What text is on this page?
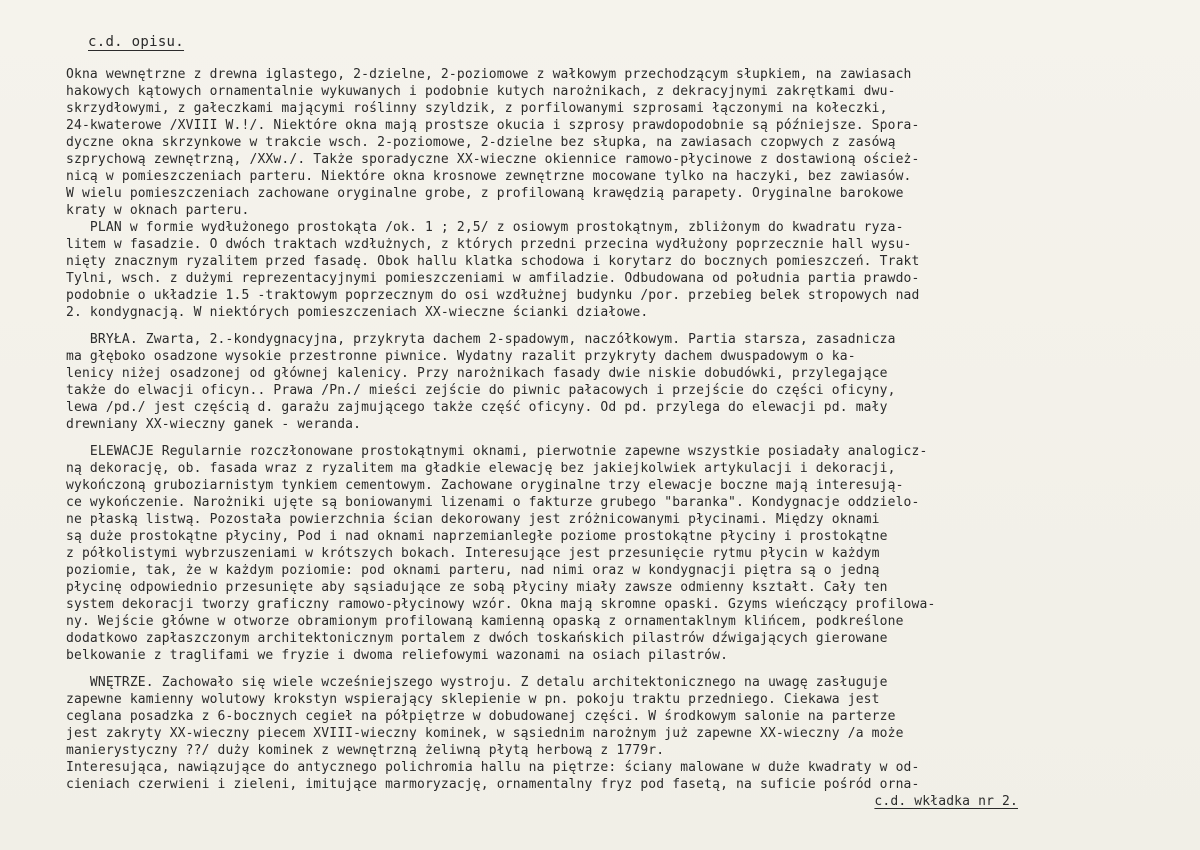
c.d. opisu.
Okna wewnętrzne z drewna iglastego, 2-dzielne, 2-poziomowe z wałkowym przechodzącym słupkiem, na zawiasach
hakowych kątowych ornamentalnie wykuwanych i podobnie kutych narożnikach, z dekracyjnymi zakrętkami dwu-
skrzydłowymi, z gałeczkami mającymi roślinny szyldzik, z porfilowanymi szprosami łączonymi na kołeczki,
24-kwaterowe /XVIII W.!/. Niektóre okna mają prostsze okucia i szprosy prawdopodobnie są późniejsze. Spora-
dyczne okna skrzynkowe w trakcie wsch. 2-poziomowe, 2-dzielne bez słupka, na zawiasach czopwych z zasówą
szprychową zewnętrzną, /XXw./. Także sporadyczne XX-wieczne okiennice ramowo-płycinowe z dostawioną oścież-
nicą w pomieszczeniach parteru. Niektóre okna krosnowe zewnętrzne mocowane tylko na haczyki, bez zawiasów.
W wielu pomieszczeniach zachowane oryginalne grobe, z profilowaną krawędzią parapety. Oryginalne barokowe
kraty w oknach parteru.
PLAN w formie wydłużonego prostokąta /ok. 1 ; 2,5/ z osiowym prostokątnym, zbliżonym do kwadratu ryza-
litem w fasadzie. O dwóch traktach wzdłużnych, z których przedni przecina wydłużony poprzecznie hall wysu-
nięty znacznym ryzalitem przed fasadę. Obok hallu klatka schodowa i korytarz do bocznych pomieszczeń. Trakt
Tylni, wsch. z dużymi reprezentacyjnymi pomieszczeniami w amfiladzie. Odbudowana od południa partia prawdo-
podobnie o układzie 1.5 -traktowym poprzecznym do osi wzdłużnej budynku /por. przebieg belek stropowych nad
2. kondygnacją. W niektórych pomieszczeniach XX-wieczne ścianki działowe.
BRYŁA. Zwarta, 2.-kondygnacyjna, przykryta dachem 2-spadowym, naczółkowym. Partia starsza, zasadnicza
ma głęboko osadzone wysokie przestronne piwnice. Wydatny razalit przykryty dachem dwuspadowym o ka-
lenicy niżej osadzonej od głównej kalenicy. Przy narożnikach fasady dwie niskie dobudówki, przylegające
także do elwacji oficyn.. Prawa /Pn./ mieści zejście do piwnic pałacowych i przejście do części oficyny,
lewa /pd./ jest częścią d. garażu zajmującego także część oficyny. Od pd. przylega do elewacji pd. mały
drewniany XX-wieczny ganek - weranda.
ELEWACJE Regularnie rozczłonowane prostokątnymi oknami, pierwotnie zapewne wszystkie posiadały analogicz-
ną dekorację, ob. fasada wraz z ryzalitem ma gładkie elewację bez jakiejkolwiek artykulacji i dekoracji,
wykończoną gruboziarnistym tynkiem cementowym. Zachowane oryginalne trzy elewacje boczne mają interesują-
ce wykończenie. Narożniki ujęte są boniowanymi lizenami o fakturze grubego "baranka". Kondygnacje oddzielo-
ne płaską listwą. Pozostała powierzchnia ścian dekorowany jest zróżnicowanymi płycinami. Między oknami
są duże prostokątne płyciny, Pod i nad oknami naprzemianległe poziome prostokątne płyciny i prostokątne
z półkolistymi wybrzuszeniami w krótszych bokach. Interesujące jest przesunięcie rytmu płycin w każdym
poziomie, tak, że w każdym poziomie: pod oknami parteru, nad nimi oraz w kondygnacji piętra są o jedną
płycinę odpowiednio przesunięte aby sąsiadujące ze sobą płyciny miały zawsze odmienny kształt. Cały ten
system dekoracji tworzy graficzny ramowo-płycinowy wzór. Okna mają skromne opaski. Gzyms wieńczący profilowa-
ny. Wejście główne w otworze obramionym profilowaną kamienną opaską z ornamentaklnym klińcem, podkreślone
dodatkowo zapłaszczonym architektonicznym portalem z dwóch toskańskich pilastrów dźwigających gierowane
belkowanie z traglifami we fryzie i dwoma reliefowymi wazonami na osiach pilastrów.
WNĘTRZE. Zachowało się wiele wcześniejszego wystroju. Z detalu architektonicznego na uwagę zasługuje
zapewne kamienny wolutowy krokstyn wspierający sklepienie w pn. pokoju traktu przedniego. Ciekawa jest
ceglana posadzka z 6-bocznych cegieł na półpiętrze w dobudowanej części. W środkowym salonie na parterze
jest zakryty XX-wieczny piecem XVIII-wieczny kominek, w sąsiednim narożnym już zapewne XX-wieczny /a może
manierystyczny ??/ duży kominek z wewnętrzną żeliwną płytą herbową z 1779r.
Interesująca, nawiązujące do antycznego polichromia hallu na piętrze: ściany malowane w duże kwadraty w od-
cieniach czerwieni i zieleni, imitujące marmoryzację, ornamentalny fryz pod fasetą, na suficie pośród orna-
c.d. wkładka nr 2.
